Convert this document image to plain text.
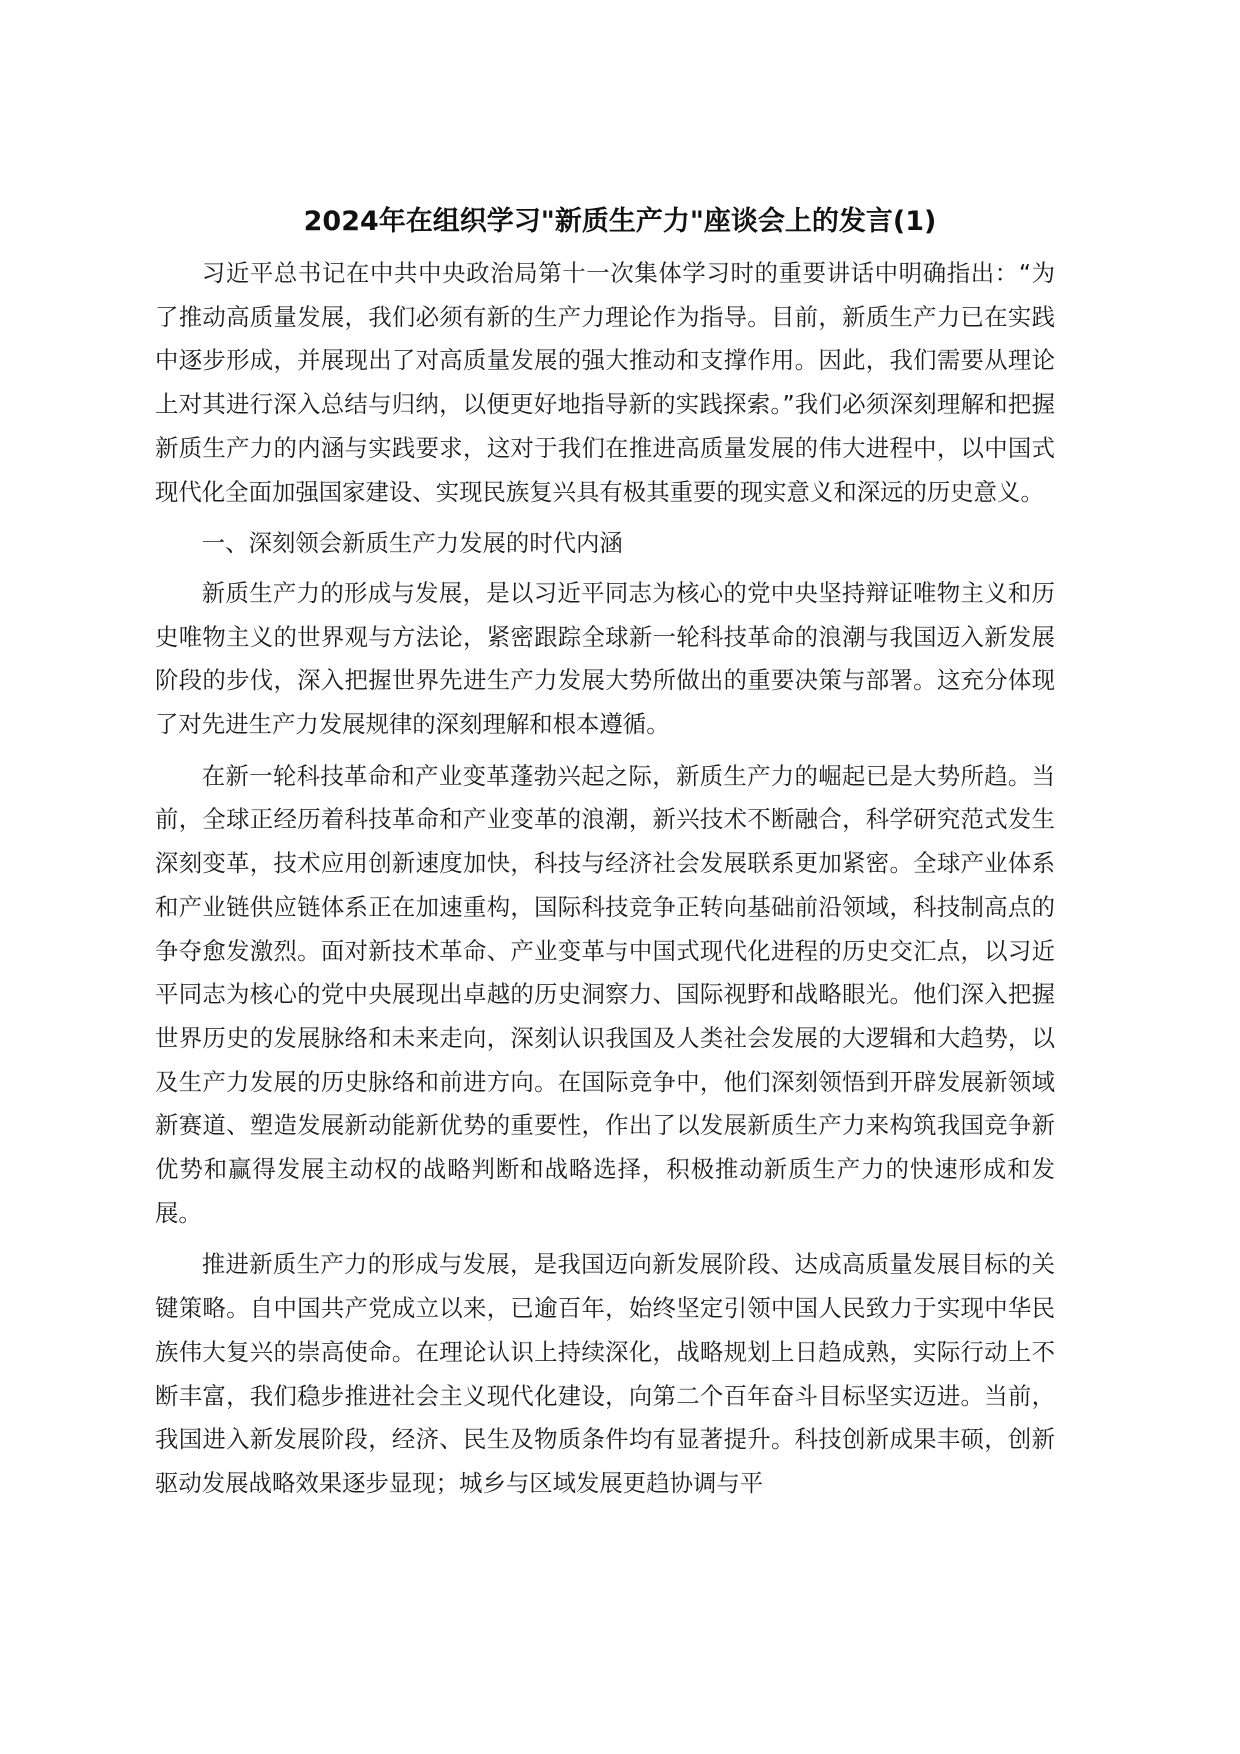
2024年在组织学习"新质生产力"座谈会上的发言(1)

习近平总书记在中共中央政治局第十一次集体学习时的重要讲话中明确指出：“为了推动高质量发展，我们必须有新的生产力理论作为指导。目前，新质生产力已在实践中逐步形成，并展现出了对高质量发展的强大推动和支撑作用。因此，我们需要从理论上对其进行深入总结与归纳，以便更好地指导新的实践探索。”我们必须深刻理解和把握新质生产力的内涵与实践要求，这对于我们在推进高质量发展的伟大进程中，以中国式现代化全面加强国家建设、实现民族复兴具有极其重要的现实意义和深远的历史意义。

一、深刻领会新质生产力发展的时代内涵

新质生产力的形成与发展，是以习近平同志为核心的党中央坚持辩证唯物主义和历史唯物主义的世界观与方法论，紧密跟踪全球新一轮科技革命的浪潮与我国迈入新发展阶段的步伐，深入把握世界先进生产力发展大势所做出的重要决策与部署。这充分体现了对先进生产力发展规律的深刻理解和根本遵循。

在新一轮科技革命和产业变革蓬勃兴起之际，新质生产力的崛起已是大势所趋。当前，全球正经历着科技革命和产业变革的浪潮，新兴技术不断融合，科学研究范式发生深刻变革，技术应用创新速度加快，科技与经济社会发展联系更加紧密。全球产业体系和产业链供应链体系正在加速重构，国际科技竞争正转向基础前沿领域，科技制高点的争夺愈发激烈。面对新技术革命、产业变革与中国式现代化进程的历史交汇点，以习近平同志为核心的党中央展现出卓越的历史洞察力、国际视野和战略眼光。他们深入把握世界历史的发展脉络和未来走向，深刻认识我国及人类社会发展的大逻辑和大趋势，以及生产力发展的历史脉络和前进方向。在国际竞争中，他们深刻领悟到开辟发展新领域新赛道、塑造发展新动能新优势的重要性，作出了以发展新质生产力来构筑我国竞争新优势和赢得发展主动权的战略判断和战略选择，积极推动新质生产力的快速形成和发展。

推进新质生产力的形成与发展，是我国迈向新发展阶段、达成高质量发展目标的关键策略。自中国共产党成立以来，已逾百年，始终坚定引领中国人民致力于实现中华民族伟大复兴的崇高使命。在理论认识上持续深化，战略规划上日趋成熟，实际行动上不断丰富，我们稳步推进社会主义现代化建设，向第二个百年奋斗目标坚实迈进。当前，我国进入新发展阶段，经济、民生及物质条件均有显著提升。科技创新成果丰硕，创新驱动发展战略效果逐步显现；城乡与区域发展更趋协调与平
